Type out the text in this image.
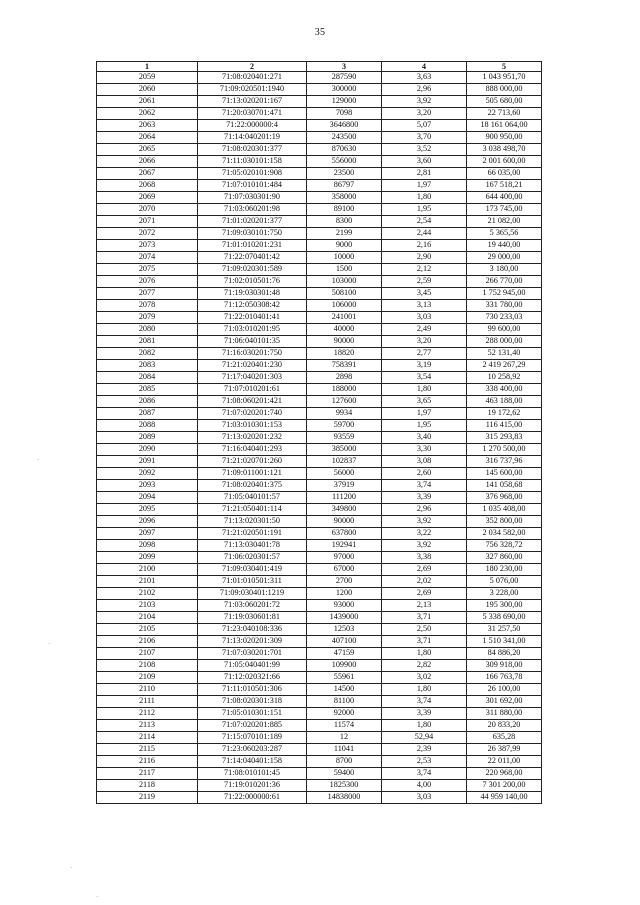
35
·
·
·
·
1	2	3	4	5
2059	71:08:020401:271	287590	3,63	1 043 951,70
2060	71:09:020501:1940	300000	2,96	888 000,00
2061	71:13:020201:167	129000	3,92	505 680,00
2062	71:20:030701:471	7098	3,20	22 713,60
2063	71:22:000000:4	3646800	5,07	18 161 064,00
2064	71:14:040201:19	243500	3,70	900 950,00
2065	71:08:020301:377	870630	3,52	3 038 498,70
2066	71:11:030101:158	556000	3,60	2 001 600,00
2067	71:05:020101:908	23500	2,81	66 035,00
2068	71:07:010101:484	86797	1,97	167 518,21
2069	71:07:030301:90	358000	1,80	644 400,00
2070	71:03:060201:98	89100	1,95	173 745,00
2071	71:01:020201:377	8300	2,54	21 082,00
2072	71:09:030101:750	2199	2,44	5 365,56
2073	71:01:010201:231	9000	2,16	19 440,00
2074	71:22:070401:42	10000	2,90	29 000,00
2075	71:09:020301:589	1500	2,12	3 180,00
2076	71:02:010501:76	103000	2,59	266 770,00
2077	71:19:030301:48	508100	3,45	1 752 945,00
2078	71:12:050308:42	106000	3,13	331 780,00
2079	71:22:010401:41	241001	3,03	730 233,03
2080	71:03:010201:95	40000	2,49	99 600,00
2081	71:06:040101:35	90000	3,20	288 000,00
2082	71:16:030201:750	18820	2,77	52 131,40
2083	71:21:020401:230	758391	3,19	2 419 267,29
2084	71:17:040201:303	2898	3,54	10 258,92
2085	71:07:010201:61	188000	1,80	338 400,00
2086	71:08:060201:421	127600	3,65	463 188,00
2087	71:07:020201:740	9934	1,97	19 172,62
2088	71:03:010301:153	59700	1,95	116 415,00
2089	71:13:020201:232	93559	3,40	315 293,83
2090	71:16:040401:293	385000	3,30	1 270 500,00
2091	71:21:020701:260	102837	3,08	316 737,96
2092	71:09:011001:121	56000	2,60	145 600,00
2093	71:08:020401:375	37919	3,74	141 058,68
2094	71:05:040101:57	111200	3,39	376 968,00
2095	71:21:050401:114	349800	2,96	1 035 408,00
2096	71:13:020301:50	90000	3,92	352 800,00
2097	71:21:020501:191	637800	3,22	2 034 582,00
2098	71:13:030401:78	192941	3,92	756 328,72
2099	71:06:020301:57	97000	3,38	327 860,00
2100	71:09:030401:419	67000	2,69	180 230,00
2101	71:01:010501:311	2700	2,02	5 076,00
2102	71:09:030401:1219	1200	2,69	3 228,00
2103	71:03:060201:72	93000	2,13	195 300,00
2104	71:19:030601:81	1439000	3,71	5 338 690,00
2105	71:23:040108:336	12503	2,50	31 257,50
2106	71:13:020201:309	407100	3,71	1 510 341,00
2107	71:07:030201:701	47159	1,80	84 886,20
2108	71:05:040401:99	109900	2,82	309 918,00
2109	71:12:020321:66	55961	3,02	166 763,78
2110	71:11:010501:306	14500	1,80	26 100,00
2111	71:08:020301:318	81100	3,74	301 692,00
2112	71:05:010301:151	92000	3,39	311 880,00
2113	71:07:020201:885	11574	1,80	20 833,20
2114	71:15:070101:189	12	52,94	635,28
2115	71:23:060203:287	11041	2,39	26 387,99
2116	71:14:040401:158	8700	2,53	22 011,00
2117	71:08:010101:45	59400	3,74	220 968,00
2118	71:19:010201:36	1825300	4,00	7 301 200,00
2119	71:22:000000:61	14838000	3,03	44 959 140,00
